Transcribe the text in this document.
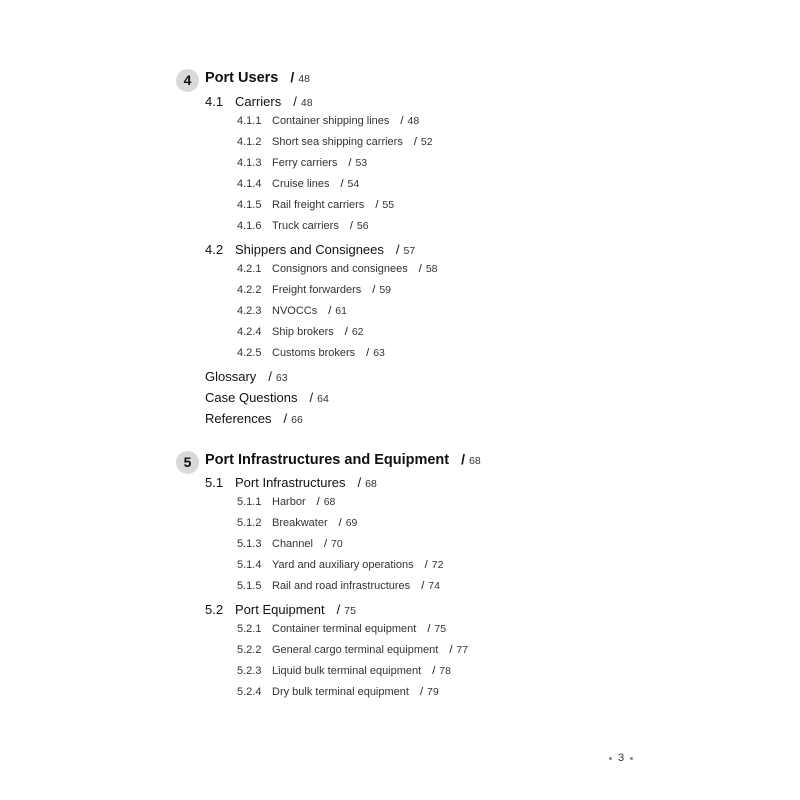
4 Port Users / 48
4.1 Carriers / 48
4.1.1 Container shipping lines / 48
4.1.2 Short sea shipping carriers / 52
4.1.3 Ferry carriers / 53
4.1.4 Cruise lines / 54
4.1.5 Rail freight carriers / 55
4.1.6 Truck carriers / 56
4.2 Shippers and Consignees / 57
4.2.1 Consignors and consignees / 58
4.2.2 Freight forwarders / 59
4.2.3 NVOCCs / 61
4.2.4 Ship brokers / 62
4.2.5 Customs brokers / 63
Glossary / 63
Case Questions / 64
References / 66
5 Port Infrastructures and Equipment / 68
5.1 Port Infrastructures / 68
5.1.1 Harbor / 68
5.1.2 Breakwater / 69
5.1.3 Channel / 70
5.1.4 Yard and auxiliary operations / 72
5.1.5 Rail and road infrastructures / 74
5.2 Port Equipment / 75
5.2.1 Container terminal equipment / 75
5.2.2 General cargo terminal equipment / 77
5.2.3 Liquid bulk terminal equipment / 78
5.2.4 Dry bulk terminal equipment / 79
3
